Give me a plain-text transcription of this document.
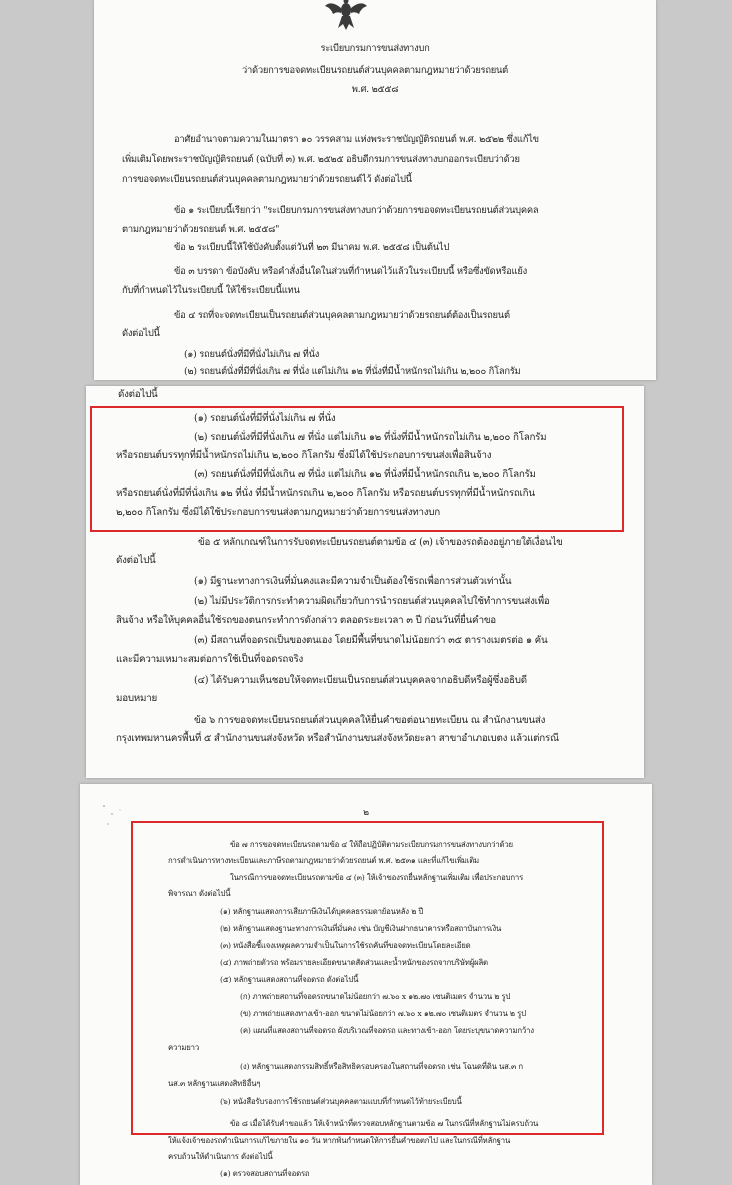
ระเบียบกรมการขนส่งทางบก

ว่าด้วยการขอจดทะเบียนรถยนต์ส่วนบุคคลตามกฎหมายว่าด้วยรถยนต์

พ.ศ. ๒๕๕๘

อาศัยอำนาจตามความในมาตรา ๑๐ วรรคสาม แห่งพระราชบัญญัติรถยนต์ พ.ศ. ๒๕๒๒ ซึ่งแก้ไข

เพิ่มเติมโดยพระราชบัญญัติรถยนต์ (ฉบับที่ ๓) พ.ศ. ๒๕๒๕ อธิบดีกรมการขนส่งทางบกออกระเบียบว่าด้วย

การขอจดทะเบียนรถยนต์ส่วนบุคคลตามกฎหมายว่าด้วยรถยนต์ไว้ ดังต่อไปนี้

ข้อ ๑ ระเบียบนี้เรียกว่า "ระเบียบกรมการขนส่งทางบกว่าด้วยการขอจดทะเบียนรถยนต์ส่วนบุคคล

ตามกฎหมายว่าด้วยรถยนต์ พ.ศ. ๒๕๕๘"

ข้อ ๒ ระเบียบนี้ให้ใช้บังคับตั้งแต่วันที่ ๒๓ มีนาคม พ.ศ. ๒๕๕๘ เป็นต้นไป

ข้อ ๓ บรรดา ข้อบังคับ หรือคำสั่งอื่นใดในส่วนที่กำหนดไว้แล้วในระเบียบนี้ หรือซึ่งขัดหรือแย้ง

กับที่กำหนดไว้ในระเบียบนี้ ให้ใช้ระเบียบนี้แทน

ข้อ ๔ รถที่จะจดทะเบียนเป็นรถยนต์ส่วนบุคคลตามกฎหมายว่าด้วยรถยนต์ต้องเป็นรถยนต์

ดังต่อไปนี้

(๑) รถยนต์นั่งที่มีที่นั่งไม่เกิน ๗ ที่นั่ง

(๒) รถยนต์นั่งที่มีที่นั่งเกิน ๗ ที่นั่ง แต่ไม่เกิน ๑๒ ที่นั่งที่มีน้ำหนักรถไม่เกิน ๒,๒๐๐ กิโลกรัม

ดังต่อไปนี้

(๑) รถยนต์นั่งที่มีที่นั่งไม่เกิน ๗ ที่นั่ง

(๒) รถยนต์นั่งที่มีที่นั่งเกิน ๗ ที่นั่ง แต่ไม่เกิน ๑๒ ที่นั่งที่มีน้ำหนักรถไม่เกิน ๒,๒๐๐ กิโลกรัม

หรือรถยนต์บรรทุกที่มีน้ำหนักรถไม่เกิน ๒,๒๐๐ กิโลกรัม ซึ่งมิได้ใช้ประกอบการขนส่งเพื่อสินจ้าง

(๓) รถยนต์นั่งที่มีที่นั่งเกิน ๗ ที่นั่ง แต่ไม่เกิน ๑๒ ที่นั่งที่มีน้ำหนักรถเกิน ๒,๒๐๐ กิโลกรัม

หรือรถยนต์นั่งที่มีที่นั่งเกิน ๑๒ ที่นั่ง ที่มีน้ำหนักรถเกิน ๒,๒๐๐ กิโลกรัม หรือรถยนต์บรรทุกที่มีน้ำหนักรถเกิน

๒,๒๐๐ กิโลกรัม ซึ่งมิได้ใช้ประกอบการขนส่งตามกฎหมายว่าด้วยการขนส่งทางบก

ข้อ ๕ หลักเกณฑ์ในการรับจดทะเบียนรถยนต์ตามข้อ ๔ (๓) เจ้าของรถต้องอยู่ภายใต้เงื่อนไข

ดังต่อไปนี้

(๑) มีฐานะทางการเงินที่มั่นคงและมีความจำเป็นต้องใช้รถเพื่อการส่วนตัวเท่านั้น

(๒) ไม่มีประวัติการกระทำความผิดเกี่ยวกับการนำรถยนต์ส่วนบุคคลไปใช้ทำการขนส่งเพื่อ

สินจ้าง หรือให้บุคคลอื่นใช้รถของตนกระทำการดังกล่าว ตลอดระยะเวลา ๓ ปี ก่อนวันที่ยื่นคำขอ

(๓) มีสถานที่จอดรถเป็นของตนเอง โดยมีพื้นที่ขนาดไม่น้อยกว่า ๓๕ ตารางเมตรต่อ ๑ คัน

และมีความเหมาะสมต่อการใช้เป็นที่จอดรถจริง

(๔) ได้รับความเห็นชอบให้จดทะเบียนเป็นรถยนต์ส่วนบุคคลจากอธิบดีหรือผู้ซึ่งอธิบดี

มอบหมาย

ข้อ ๖ การขอจดทะเบียนรถยนต์ส่วนบุคคลให้ยื่นคำขอต่อนายทะเบียน ณ สำนักงานขนส่ง

กรุงเทพมหานครพื้นที่ ๕ สำนักงานขนส่งจังหวัด หรือสำนักงานขนส่งจังหวัดยะลา สาขาอำเภอเบตง แล้วแต่กรณี

๒

ข้อ ๗ การขอจดทะเบียนรถตามข้อ ๔ ให้ถือปฏิบัติตามระเบียบกรมการขนส่งทางบกว่าด้วย

การดำเนินการทางทะเบียนและภาษีรถตามกฎหมายว่าด้วยรถยนต์ พ.ศ. ๒๕๓๑ และที่แก้ไขเพิ่มเติม

ในกรณีการขอจดทะเบียนรถตามข้อ ๔ (๓) ให้เจ้าของรถยื่นหลักฐานเพิ่มเติม เพื่อประกอบการ

พิจารณา ดังต่อไปนี้

(๑) หลักฐานแสดงการเสียภาษีเงินได้บุคคลธรรมดาย้อนหลัง ๒ ปี

(๒) หลักฐานแสดงฐานะทางการเงินที่มั่นคง เช่น บัญชีเงินฝากธนาคารหรือสถาบันการเงิน

(๓) หนังสือชี้แจงเหตุผลความจำเป็นในการใช้รถคันที่ขอจดทะเบียนโดยละเอียด

(๔) ภาพถ่ายตัวรถ พร้อมรายละเอียดขนาดสัดส่วนและน้ำหนักของรถจากบริษัทผู้ผลิต

(๕) หลักฐานแสดงสถานที่จอดรถ ดังต่อไปนี้

(ก) ภาพถ่ายสถานที่จอดรถขนาดไม่น้อยกว่า ๗.๖๐ x ๑๒.๗๐ เซนติเมตร จำนวน ๒ รูป

(ข) ภาพถ่ายแสดงทางเข้า-ออก ขนาดไม่น้อยกว่า ๗.๖๐ x ๑๒.๗๐ เซนติเมตร จำนวน ๒ รูป

(ค) แผนที่แสดงสถานที่จอดรถ ผังบริเวณที่จอดรถ และทางเข้า-ออก โดยระบุขนาดความกว้าง

ความยาว

(ง) หลักฐานแสดงกรรมสิทธิ์หรือสิทธิครอบครองในสถานที่จอดรถ เช่น โฉนดที่ดิน นส.๓ ก

นส.๓ หลักฐานแสดงสิทธิอื่นๆ

(๖) หนังสือรับรองการใช้รถยนต์ส่วนบุคคลตามแบบที่กำหนดไว้ท้ายระเบียบนี้

ข้อ ๘ เมื่อได้รับคำขอแล้ว ให้เจ้าหน้าที่ตรวจสอบหลักฐานตามข้อ ๗ ในกรณีที่หลักฐานไม่ครบถ้วน

ให้แจ้งเจ้าของรถดำเนินการแก้ไขภายใน ๑๐ วัน หากพ้นกำหนดให้การยื่นคำขอตกไป และในกรณีที่หลักฐาน

ครบถ้วนให้ดำเนินการ ดังต่อไปนี้

(๑) ตรวจสอบสถานที่จอดรถ
